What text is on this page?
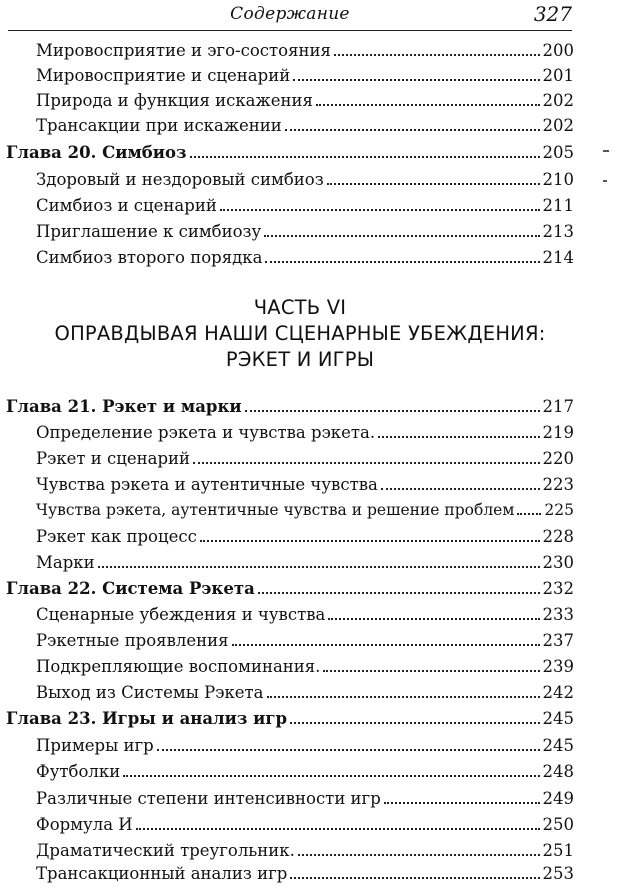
Содержание	327
Мировосприятие и эго-состояния	200
Мировосприятие и сценарий	201
Природа и функция искажения	202
Трансакции при искажении	202
Глава 20. Симбиоз	205
Здоровый и нездоровый симбиоз	210
Симбиоз и сценарий	211
Приглашение к симбиозу	213
Симбиоз второго порядка	214
ЧАСТЬ VI
ОПРАВДЫВАЯ НАШИ СЦЕНАРНЫЕ УБЕЖДЕНИЯ:
РЭКЕТ И ИГРЫ
Глава 21. Рэкет и марки	217
Определение рэкета и чувства рэкета.	219
Рэкет и сценарий	220
Чувства рэкета и аутентичные чувства	223
Чувства рэкета, аутентичные чувства и решение проблем 225
Рэкет как процесс	228
Марки	230
Глава 22. Система Рэкета	232
Сценарные убеждения и чувства	233
Рэкетные проявления	237
Подкрепляющие воспоминания.	239
Выход из Системы Рэкета	242
Глава 23. Игры и анализ игр	245
Примеры игр	245
Футболки	248
Различные степени интенсивности игр	249
Формула И	250
Драматический треугольник.	251
Трансакционный анализ игр	253
